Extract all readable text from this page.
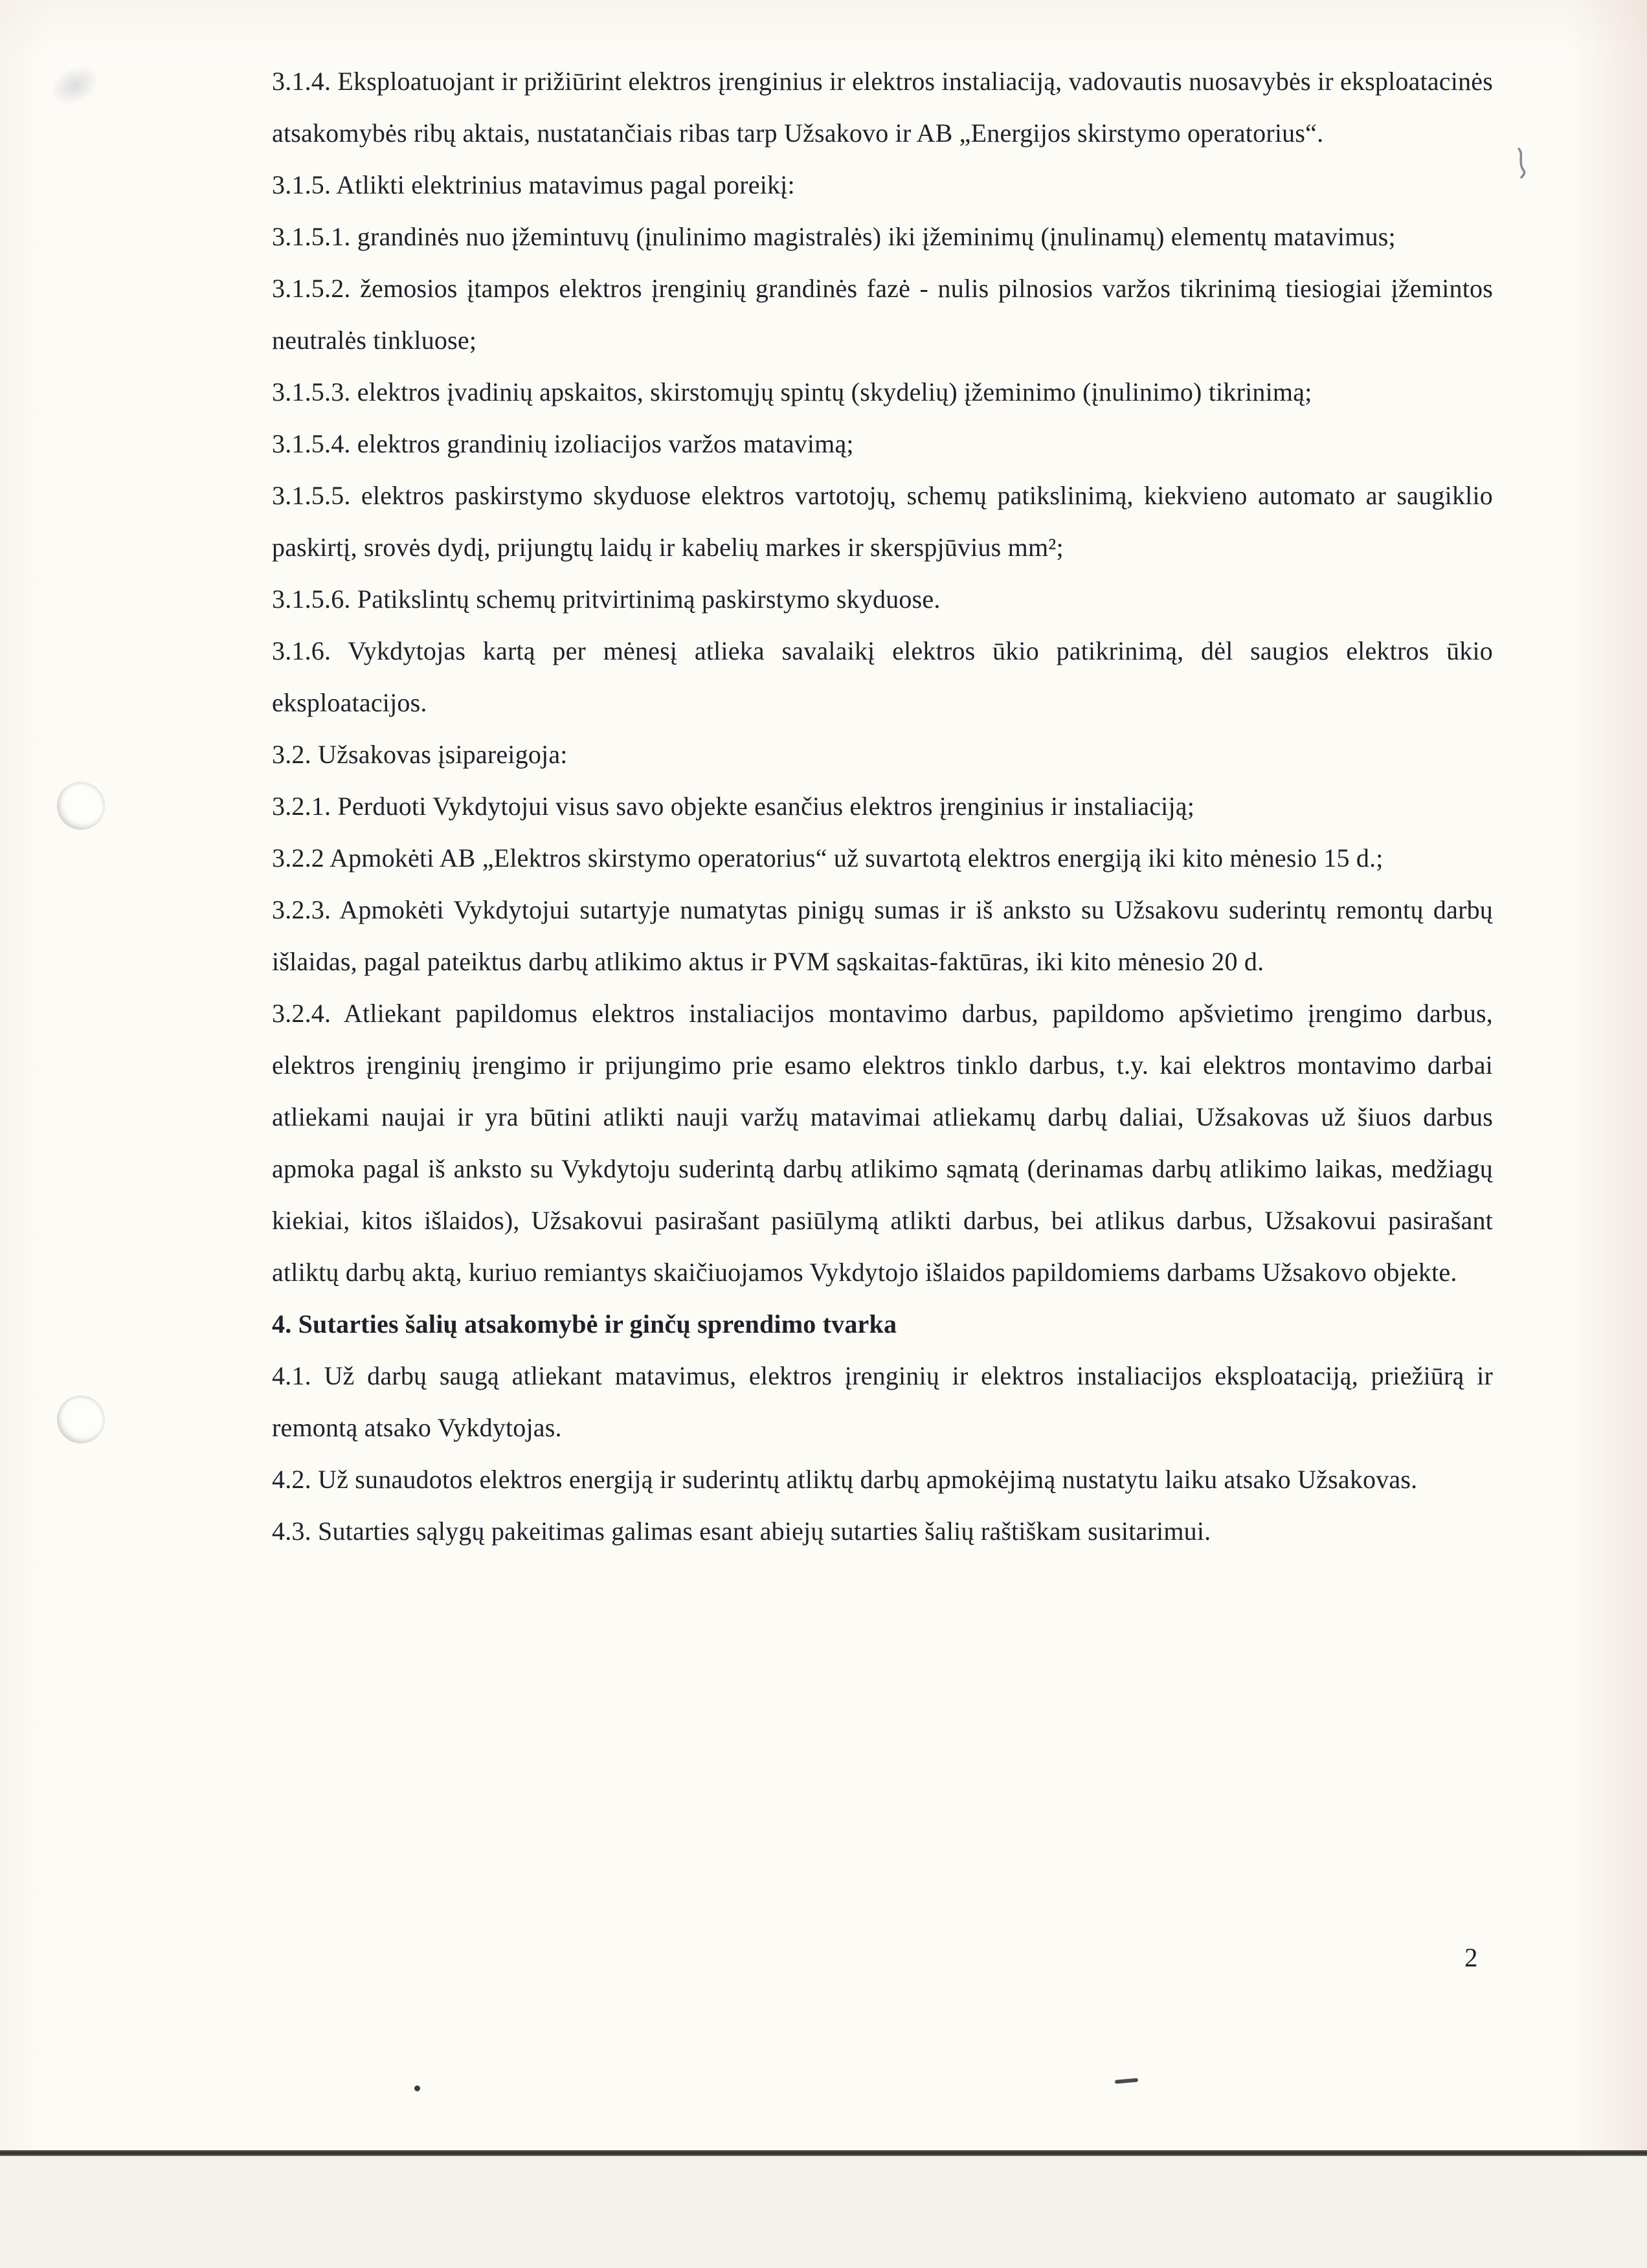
3.1.4. Eksploatuojant ir prižiūrint elektros įrenginius ir elektros instaliaciją, vadovautis nuosavybės ir eksploatacinės atsakomybės ribų aktais, nustatančiais ribas tarp Užsakovo ir AB „Energijos skirstymo operatorius“.

3.1.5. Atlikti elektrinius matavimus pagal poreikį:

3.1.5.1. grandinės nuo įžemintuvų (įnulinimo magistralės) iki įžeminimų (įnulinamų) elementų matavimus;

3.1.5.2. žemosios įtampos elektros įrenginių grandinės fazė - nulis pilnosios varžos tikrinimą tiesiogiai įžemintos neutralės tinkluose;

3.1.5.3. elektros įvadinių apskaitos, skirstomųjų spintų (skydelių) įžeminimo (įnulinimo) tikrinimą;

3.1.5.4. elektros grandinių izoliacijos varžos matavimą;

3.1.5.5. elektros paskirstymo skyduose elektros vartotojų, schemų patikslinimą, kiekvieno automato ar saugiklio paskirtį, srovės dydį, prijungtų laidų ir kabelių markes ir skerspjūvius mm²;

3.1.5.6. Patikslintų schemų pritvirtinimą paskirstymo skyduose.

3.1.6. Vykdytojas kartą per mėnesį atlieka savalaikį elektros ūkio patikrinimą, dėl saugios elektros ūkio eksploatacijos.

3.2. Užsakovas įsipareigoja:

3.2.1. Perduoti Vykdytojui visus savo objekte esančius elektros įrenginius ir instaliaciją;

3.2.2 Apmokėti AB „Elektros skirstymo operatorius“ už suvartotą elektros energiją iki kito mėnesio 15 d.;

3.2.3. Apmokėti Vykdytojui sutartyje numatytas pinigų sumas ir iš anksto su Užsakovu suderintų remontų darbų išlaidas, pagal pateiktus darbų atlikimo aktus ir PVM sąskaitas-faktūras, iki kito mėnesio 20 d.

3.2.4. Atliekant papildomus elektros instaliacijos montavimo darbus, papildomo apšvietimo įrengimo darbus, elektros įrenginių įrengimo ir prijungimo prie esamo elektros tinklo darbus, t.y. kai elektros montavimo darbai atliekami naujai ir yra būtini atlikti nauji varžų matavimai atliekamų darbų daliai, Užsakovas už šiuos darbus apmoka pagal iš anksto su Vykdytoju suderintą darbų atlikimo sąmatą (derinamas darbų atlikimo laikas, medžiagų kiekiai, kitos išlaidos), Užsakovui pasirašant pasiūlymą atlikti darbus, bei atlikus darbus, Užsakovui pasirašant atliktų darbų aktą, kuriuo remiantys skaičiuojamos Vykdytojo išlaidos papildomiems darbams Užsakovo objekte.

4. Sutarties šalių atsakomybė ir ginčų sprendimo tvarka

4.1. Už darbų saugą atliekant matavimus, elektros įrenginių ir elektros instaliacijos eksploataciją, priežiūrą ir remontą atsako Vykdytojas.

4.2. Už sunaudotos elektros energiją ir suderintų atliktų darbų apmokėjimą nustatytu laiku atsako Užsakovas.

4.3. Sutarties sąlygų pakeitimas galimas esant abiejų sutarties šalių raštiškam susitarimui.

2
